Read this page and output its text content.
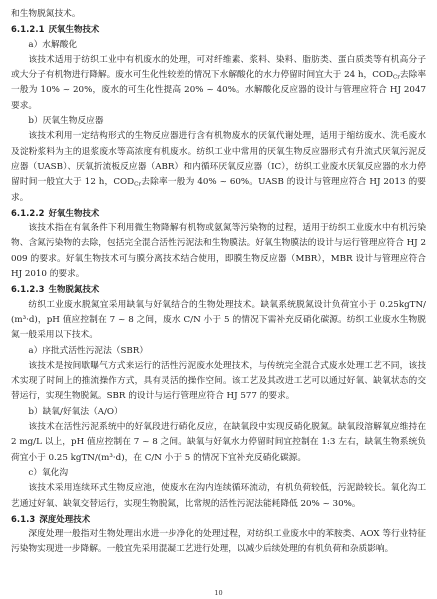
和生物脱氮技术。

6.1.2.1 厌氧生物技术

a）水解酸化

该技术适用于纺织工业中有机废水的处理，可对纤维素、浆料、染料、脂肪类、蛋白质类等有机高分子或大分子有机物进行降解。废水可生化性较差的情况下水解酸化的水力停留时间宜大于 24 h，$COD_{Cr}$去除率一般为 10% ~ 20%，废水的可生化性提高 20% ~ 40%。水解酸化反应器的设计与管理应符合 HJ 2047 要求。

b）厌氧生物反应器

该技术利用一定结构形式的生物反应器进行含有机物废水的厌氧代谢处理，适用于缩纺废水、洗毛废水及淀粉浆料为主的退浆废水等高浓度有机废水。纺织工业中常用的厌氧生物反应器形式有升流式厌氧污泥反应器（UASB）、厌氧折流板反应器（ABR）和内循环厌氧反应器（IC），纺织工业废水厌氧反应器的水力停留时间一般宜大于 12 h，$COD_{Cr}$去除率一般为 40% ~ 60%。UASB 的设计与管理应符合 HJ 2013 的要求。

6.1.2.2 好氧生物技术

该技术指在有氧条件下利用微生物降解有机物或氨氮等污染物的过程，适用于纺织工业废水中有机污染物、含氮污染物的去除，包括完全混合活性污泥法和生物膜法。好氧生物膜法的设计与运行管理应符合 HJ 2009 的要求。好氧生物技术可与膜分离技术结合使用，即膜生物反应器（MBR），MBR 设计与管理应符合 HJ 2010 的要求。

6.1.2.3 生物脱氮技术

纺织工业废水脱氮宜采用缺氧与好氧结合的生物处理技术。缺氧系统脱氮设计负荷宜小于 0.25kgTN/(m³·d)，pH 值应控制在 7 ~ 8 之间，废水 C/N 小于 5 的情况下需补充反硝化碳源。纺织工业废水生物脱氮一般采用以下技术。

a）序批式活性污泥法（SBR）

该技术是按间歇曝气方式来运行的活性污泥废水处理技术，与传统完全混合式废水处理工艺不同，该技术实现了时间上的推流操作方式，具有灵活的操作空间。该工艺及其改进工艺可以通过好氧、缺氧状态的交替运行，实现生物脱氮。SBR 的设计与运行管理应符合 HJ 577 的要求。

b）缺氧/好氧法（A/O）

该技术在活性污泥系统中的好氧段进行硝化反应，在缺氧段中实现反硝化脱氮。缺氧段溶解氧应维持在 2 mg/L 以上，pH 值应控制在 7 ~ 8 之间。缺氧与好氧水力停留时间宜控制在 1:3 左右，缺氧生物系统负荷宜小于 0.25 kgTN/(m³·d)，在 C/N 小于 5 的情况下宜补充反硝化碳源。

c）氧化沟

该技术采用连续环式生物反应池，使废水在沟内连续循环流动，有机负荷较低，污泥龄较长。氧化沟工艺通过好氧、缺氧交替运行，实现生物脱氮，比常规的活性污泥法能耗降低 20% ~ 30%。

6.1.3 深度处理技术

深度处理一般指对生物处理出水进一步净化的处理过程，对纺织工业废水中的苯胺类、AOX 等行业特征污染物实现进一步降解。一般宜先采用混凝工艺进行处理，以减少后续处理的有机负荷和杂质影响。

10
